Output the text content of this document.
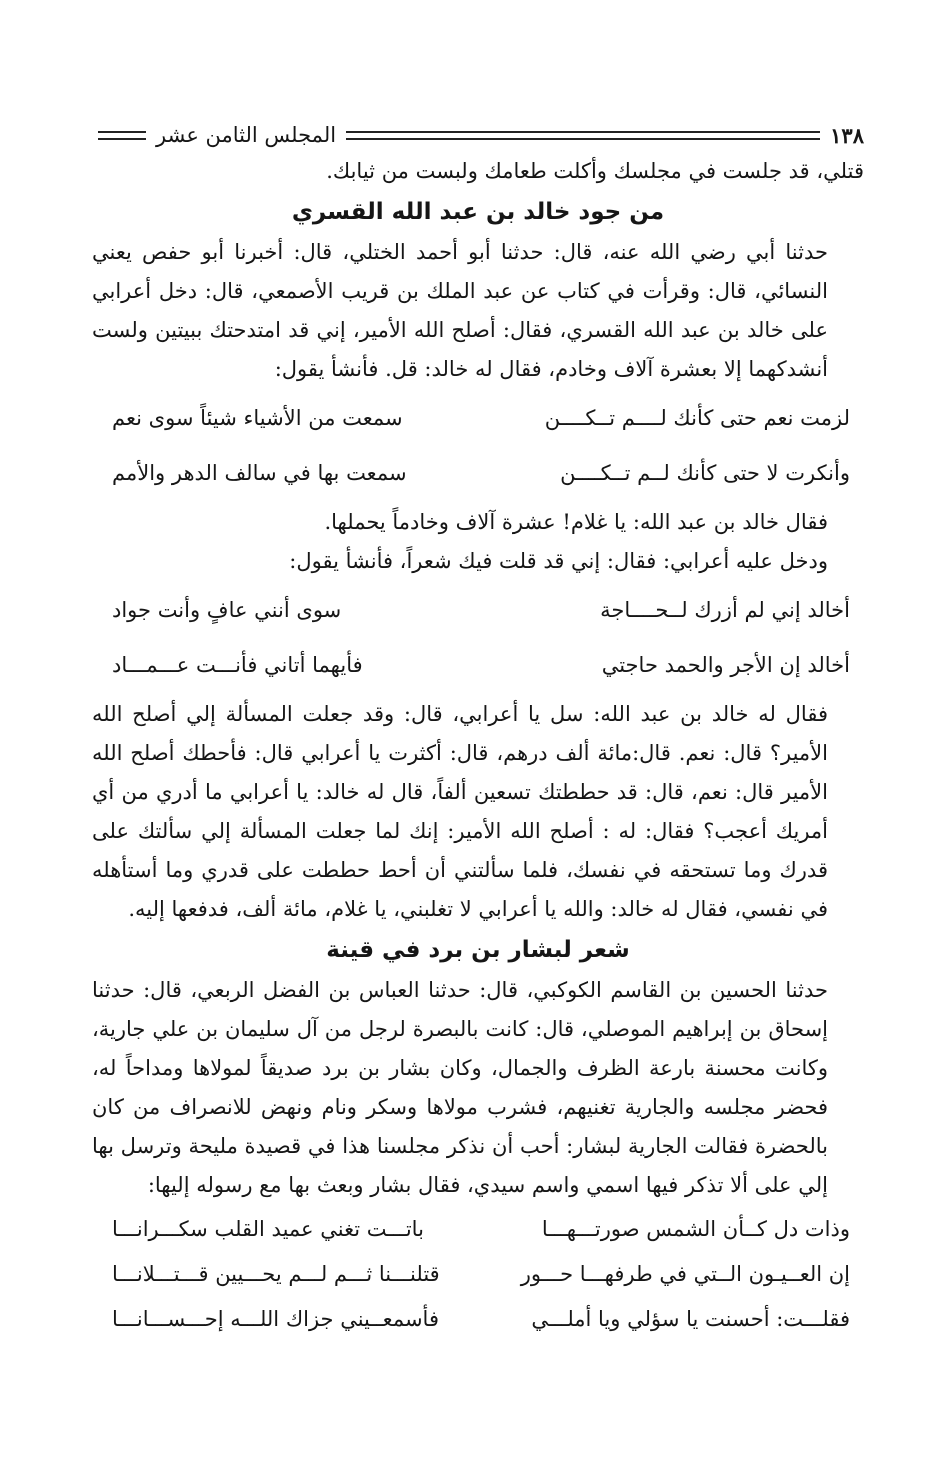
١٣٨
المجلس الثامن عشر

قتلي، قد جلست في مجلسك وأكلت طعامك ولبست من ثيابك.

من جود خالد بن عبد الله القسري

حدثنا أبي رضي الله عنه، قال: حدثنا أبو أحمد الختلي، قال: أخبرنا أبو حفص يعني النسائي، قال: وقرأت في كتاب عن عبد الملك بن قريب الأصمعي، قال: دخل أعرابي على خالد بن عبد الله القسري، فقال: أصلح الله الأمير، إني قد امتدحتك ببيتين ولست أنشدكهما إلا بعشرة آلاف وخادم، فقال له خالد: قل. فأنشأ يقول:

لزمت نعم حتى كأنك لــــم تــكــــن
سمعت من الأشياء شيئاً سوى نعم
وأنكرت لا حتى كأنك لــم تــكــــن
سمعت بها في سالف الدهر والأمم

فقال خالد بن عبد الله: يا غلام! عشرة آلاف وخادماً يحملها.

ودخل عليه أعرابي: فقال: إني قد قلت فيك شعراً، فأنشأ يقول:

أخالد إني لم أزرك لــحــــاجة
سوى أنني عافٍ وأنت جواد
أخالد إن الأجر والحمد حاجتي
فأيهما أتاني فأنـــت عـــمـــاد

فقال له خالد بن عبد الله: سل يا أعرابي، قال: وقد جعلت المسألة إلي أصلح الله الأمير؟ قال: نعم. قال:مائة ألف درهم، قال: أكثرت يا أعرابي قال: فأحطك أصلح الله الأمير قال: نعم، قال: قد حططتك تسعين ألفاً، قال له خالد: يا أعرابي ما أدري من أي أمريك أعجب؟ فقال: له : أصلح الله الأمير: إنك لما جعلت المسألة إلي سألتك على قدرك وما تستحقه في نفسك، فلما سألتني أن أحط حططت على قدري وما أستأهله في نفسي، فقال له خالد: والله يا أعرابي لا تغلبني، يا غلام، مائة ألف، فدفعها إليه.

شعر لبشار بن برد في قينة

حدثنا الحسين بن القاسم الكوكبي، قال: حدثنا العباس بن الفضل الربعي، قال: حدثنا إسحاق بن إبراهيم الموصلي، قال: كانت بالبصرة لرجل من آل سليمان بن علي جارية، وكانت محسنة بارعة الظرف والجمال، وكان بشار بن برد صديقاً لمولاها ومداحاً له، فحضر مجلسه والجارية تغنيهم، فشرب مولاها وسكر ونام ونهض للانصراف من كان بالحضرة فقالت الجارية لبشار: أحب أن نذكر مجلسنا هذا في قصيدة مليحة وترسل بها إلي على ألا تذكر فيها اسمي واسم سيدي، فقال بشار وبعث بها مع رسوله إليها:

وذات دل كــأن الشمس صورتـــهـــا
باتـــت تغني عميد القلب سكـــرانـــا
إن العــيـون الــتي في طرفهـــا حـــور
قتلنـــنا ثـــم لـــم يحـــيين قـــتـــلانـــا
فقلـــت: أحسنت يا سؤلي ويا أملـــي
فأسمعــيني جزاك اللـــه إحـــســـانـــا
